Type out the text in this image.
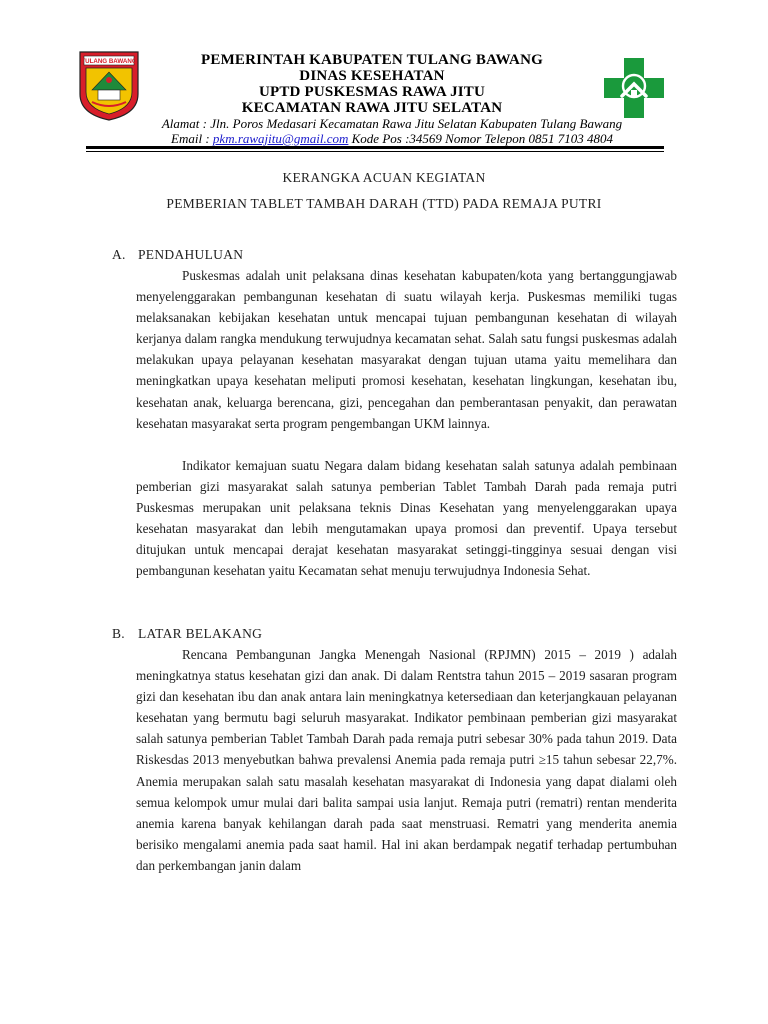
TULANG BAWANG	PEMERINTAH KABUPATEN TULANG BAWANG
DINAS KESEHATAN
UPTD PUSKESMAS RAWA JITU
KECAMATAN RAWA JITU SELATAN
Alamat : Jln. Poros Medasari Kecamatan Rawa Jitu Selatan Kabupaten Tulang Bawang
Email : pkm.rawajitu@gmail.com Kode Pos :34569 Nomor Telepon 0851 7103 4804
KERANGKA ACUAN KEGIATAN
PEMBERIAN TABLET TAMBAH DARAH (TTD) PADA REMAJA PUTRI
A. PENDAHULUAN

Puskesmas adalah unit pelaksana dinas kesehatan kabupaten/kota yang bertanggungjawab menyelenggarakan pembangunan kesehatan di suatu wilayah kerja. Puskesmas memiliki tugas melaksanakan kebijakan kesehatan untuk mencapai tujuan pembangunan kesehatan di wilayah kerjanya dalam rangka mendukung terwujudnya kecamatan sehat. Salah satu fungsi puskesmas adalah melakukan upaya pelayanan kesehatan masyarakat dengan tujuan utama yaitu memelihara dan meningkatkan upaya kesehatan meliputi promosi kesehatan, kesehatan lingkungan, kesehatan ibu, kesehatan anak, keluarga berencana, gizi, pencegahan dan pemberantasan penyakit, dan perawatan kesehatan masyarakat serta program pengembangan UKM lainnya.

Indikator kemajuan suatu Negara dalam bidang kesehatan salah satunya adalah pembinaan pemberian gizi masyarakat salah satunya pemberian Tablet Tambah Darah pada remaja putri Puskesmas merupakan unit pelaksana teknis Dinas Kesehatan yang menyelenggarakan upaya kesehatan masyarakat dan lebih mengutamakan upaya promosi dan preventif. Upaya tersebut ditujukan untuk mencapai derajat kesehatan masyarakat setinggi-tingginya sesuai dengan visi pembangunan kesehatan yaitu Kecamatan sehat menuju terwujudnya Indonesia Sehat.

B. LATAR BELAKANG

Rencana Pembangunan Jangka Menengah Nasional (RPJMN) 2015 – 2019 ) adalah meningkatnya status kesehatan gizi dan anak. Di dalam Rentstra tahun 2015 – 2019 sasaran program gizi dan kesehatan ibu dan anak antara lain meningkatnya ketersediaan dan keterjangkauan pelayanan kesehatan yang bermutu bagi seluruh masyarakat. Indikator pembinaan pemberian gizi masyarakat salah satunya pemberian Tablet Tambah Darah pada remaja putri sebesar 30% pada tahun 2019. Data Riskesdas 2013 menyebutkan bahwa prevalensi Anemia pada remaja putri ≥15 tahun sebesar 22,7%. Anemia merupakan salah satu masalah kesehatan masyarakat di Indonesia yang dapat dialami oleh semua kelompok umur mulai dari balita sampai usia lanjut. Remaja putri (rematri) rentan menderita anemia karena banyak kehilangan darah pada saat menstruasi. Rematri yang menderita anemia berisiko mengalami anemia pada saat hamil. Hal ini akan berdampak negatif terhadap pertumbuhan dan perkembangan janin dalam
